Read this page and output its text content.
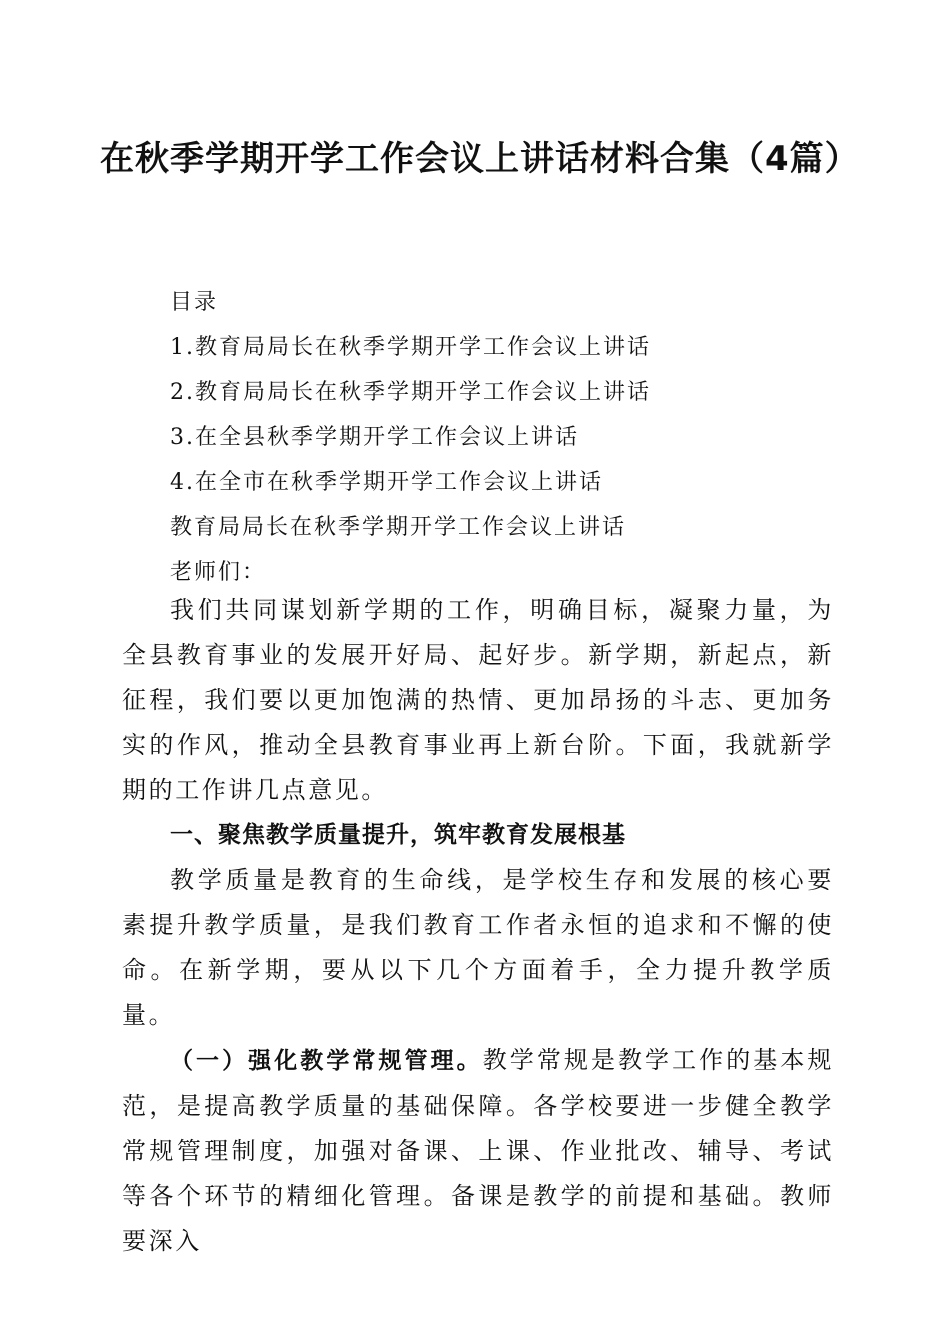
在秋季学期开学工作会议上讲话材料合集（4篇）
目录
1.教育局局长在秋季学期开学工作会议上讲话
2.教育局局长在秋季学期开学工作会议上讲话
3.在全县秋季学期开学工作会议上讲话
4.在全市在秋季学期开学工作会议上讲话
教育局局长在秋季学期开学工作会议上讲话
老师们：

我们共同谋划新学期的工作，明确目标，凝聚力量，为全县教育事业的发展开好局、起好步。新学期，新起点，新征程，我们要以更加饱满的热情、更加昂扬的斗志、更加务实的作风，推动全县教育事业再上新台阶。下面，我就新学期的工作讲几点意见。

一、聚焦教学质量提升，筑牢教育发展根基

教学质量是教育的生命线，是学校生存和发展的核心要素提升教学质量，是我们教育工作者永恒的追求和不懈的使命。在新学期，要从以下几个方面着手，全力提升教学质量。

（一）强化教学常规管理。教学常规是教学工作的基本规范，是提高教学质量的基础保障。各学校要进一步健全教学常规管理制度，加强对备课、上课、作业批改、辅导、考试等各个环节的精细化管理。备课是教学的前提和基础。教师要深入
